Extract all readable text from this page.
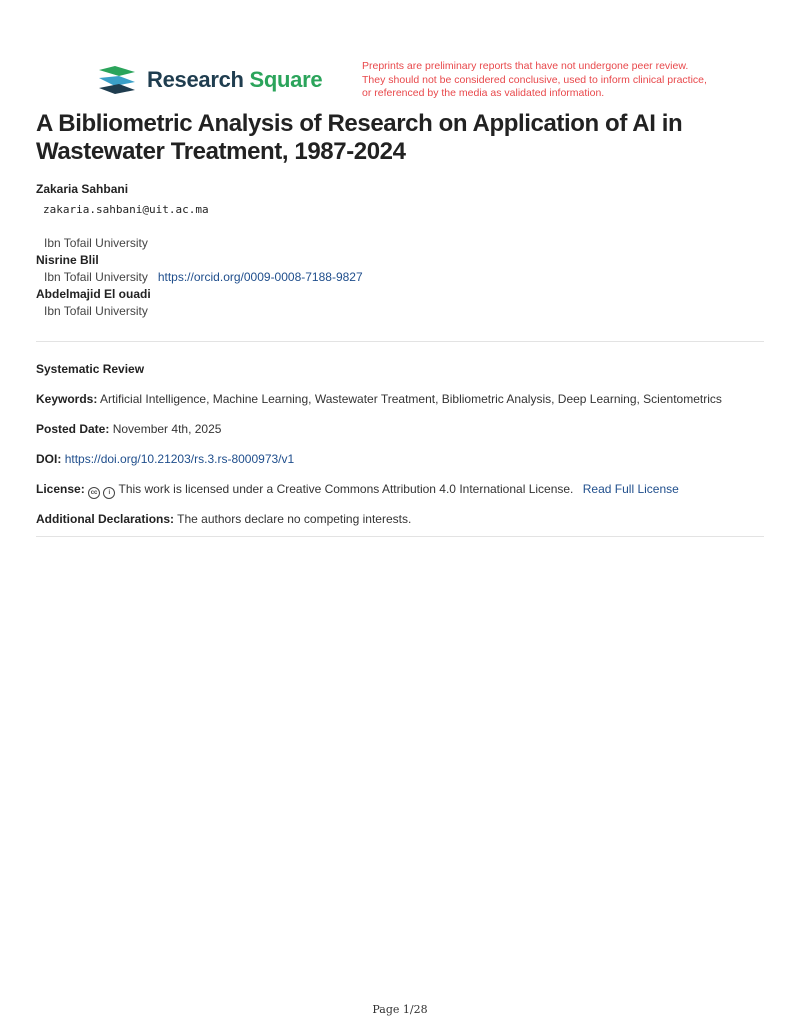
Research Square
Preprints are preliminary reports that have not undergone peer review.
They should not be considered conclusive, used to inform clinical practice,
or referenced by the media as validated information.
A Bibliometric Analysis of Research on Application of AI in
Wastewater Treatment, 1987-2024
Zakaria Sahbani
zakaria.sahbani@uit.ac.ma
Ibn Tofail University
Nisrine Blil
Ibn Tofail University https://orcid.org/0009-0008-7188-9827
Abdelmajid El ouadi
Ibn Tofail University
Systematic Review
Keywords: Artificial Intelligence, Machine Learning, Wastewater Treatment, Bibliometric Analysis, Deep Learning, Scientometrics
Posted Date: November 4th, 2025
DOI: https://doi.org/10.21203/rs.3.rs-8000973/v1
License: cc i This work is licensed under a Creative Commons Attribution 4.0 International License. Read Full License
Additional Declarations: The authors declare no competing interests.
Page 1/28
